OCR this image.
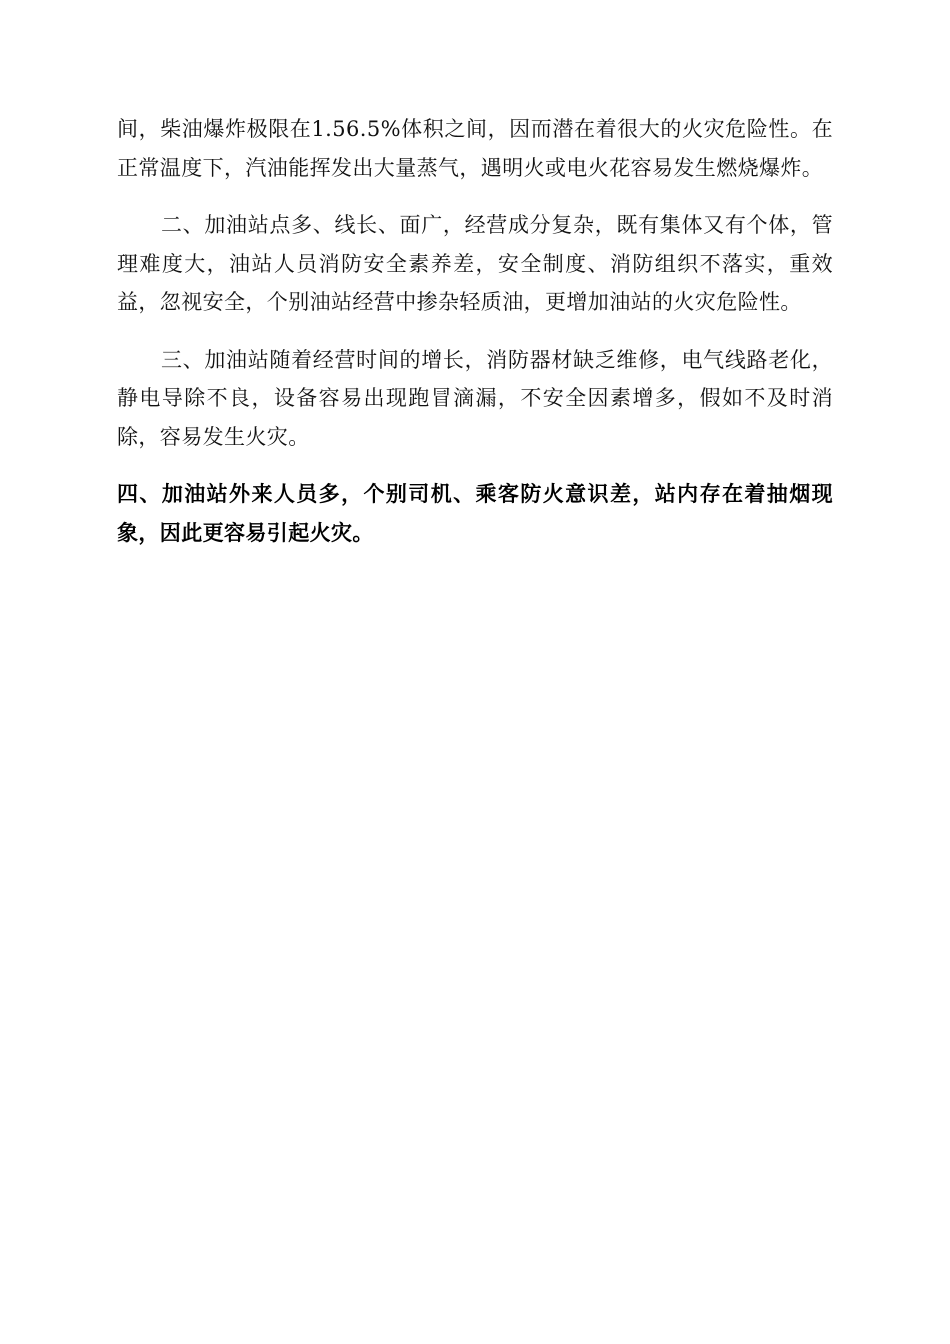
间，柴油爆炸极限在1.56.5%体积之间，因而潜在着很大的火灾危险性。在正常温度下，汽油能挥发出大量蒸气，遇明火或电火花容易发生燃烧爆炸。

二、加油站点多、线长、面广，经营成分复杂，既有集体又有个体，管理难度大，油站人员消防安全素养差，安全制度、消防组织不落实，重效益，忽视安全，个别油站经营中掺杂轻质油，更增加油站的火灾危险性。

三、加油站随着经营时间的增长，消防器材缺乏维修，电气线路老化，静电导除不良，设备容易出现跑冒滴漏，不安全因素增多，假如不及时消除，容易发生火灾。

四、加油站外来人员多，个别司机、乘客防火意识差，站内存在着抽烟现象，因此更容易引起火灾。
